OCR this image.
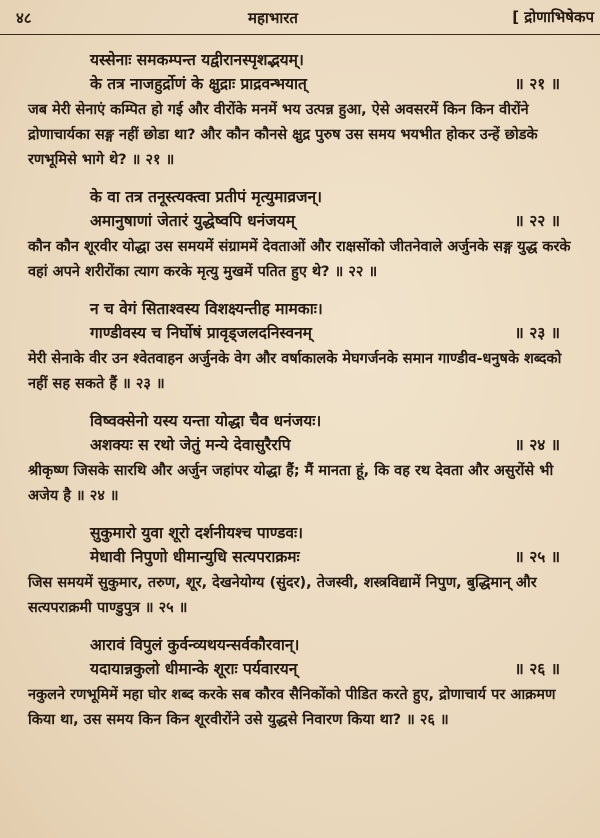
४८	महाभारत	[ द्रोणाभिषेकप
यस्सेनाः समकम्पन्त यद्वीरानस्पृशद्भयम्।
के तत्र नाजहुर्द्रोणं के क्षुद्राः प्राद्रवन्भयात्	॥ २१ ॥
जब मेरी सेनाएं कम्पित हो गई और वीरोंके मनमें भय उत्पन्न हुआ, ऐसे अवसरमें किन किन वीरोंने द्रोणाचार्यका सङ्ग नहीं छोडा था? और कौन कौनसे क्षुद्र पुरुष उस समय भयभीत होकर उन्हें छोडके रणभूमिसे भागे थे? ॥ २१ ॥
के वा तत्र तनूस्त्यक्त्वा प्रतीपं मृत्युमाव्रजन्।
अमानुषाणां जेतारं युद्धेष्वपि धनंजयम्	॥ २२ ॥
कौन कौन शूरवीर योद्धा उस समयमें संग्राममें देवताओं और राक्षसोंको जीतनेवाले अर्जुनके सङ्ग युद्ध करके वहां अपने शरीरोंका त्याग करके मृत्यु मुखमें पतित हुए थे? ॥ २२ ॥
न च वेगं सिताश्वस्य विशक्ष्यन्तीह मामकाः।
गाण्डीवस्य च निर्घोषं प्रावृड्जलदनिस्वनम्	॥ २३ ॥
मेरी सेनाके वीर उन श्वेतवाहन अर्जुनके वेग और वर्षाकालके मेघगर्जनके समान गाण्डीव-धनुषके शब्दको नहीं सह सकते हैं ॥ २३ ॥
विष्वक्सेनो यस्य यन्ता योद्धा चैव धनंजयः।
अशक्यः स रथो जेतुं मन्ये देवासुरैरपि	॥ २४ ॥
श्रीकृष्ण जिसके सारथि और अर्जुन जहांपर योद्धा हैं; मैं मानता हूं, कि वह रथ देवता और असुरोंसे भी अजेय है ॥ २४ ॥
सुकुमारो युवा शूरो दर्शनीयश्च पाण्डवः।
मेधावी निपुणो धीमान्युधि सत्यपराक्रमः	॥ २५ ॥
जिस समयमें सुकुमार, तरुण, शूर, देखनेयोग्य (सुंदर), तेजस्वी, शस्त्रविद्यामें निपुण, बुद्धिमान् और सत्यपराक्रमी पाण्डुपुत्र ॥ २५ ॥
आरावं विपुलं कुर्वन्व्यथयन्सर्वकौरवान्।
यदायान्नकुलो धीमान्के शूराः पर्यवारयन्	॥ २६ ॥
नकुलने रणभूमिमें महा घोर शब्द करके सब कौरव सैनिकोंको पीडित करते हुए, द्रोणाचार्य पर आक्रमण किया था, उस समय किन किन शूरवीरोंने उसे युद्धसे निवारण किया था? ॥ २६ ॥
